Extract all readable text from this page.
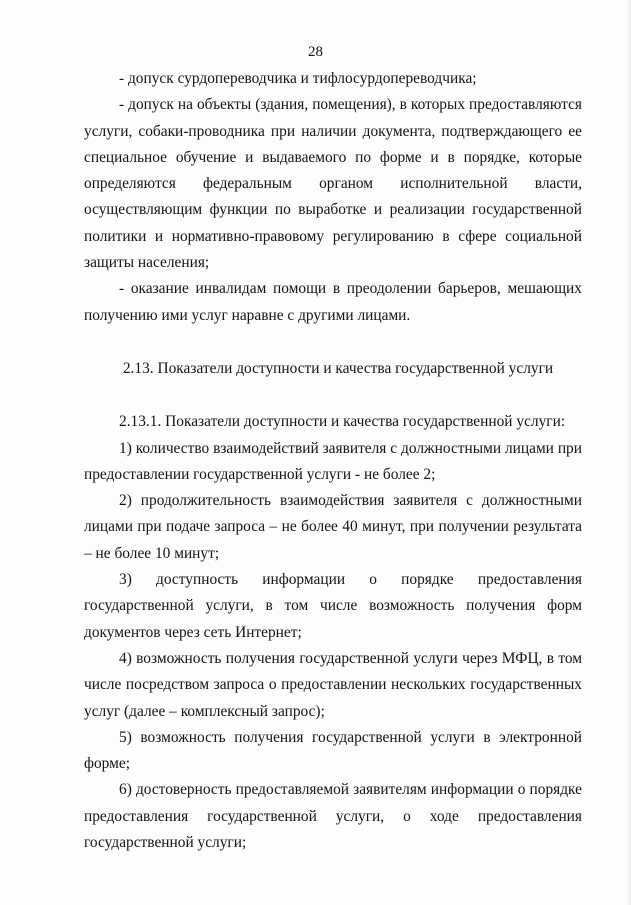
28

- допуск сурдопереводчика и тифлосурдопереводчика;

- допуск на объекты (здания, помещения), в которых предоставляются услуги, собаки-проводника при наличии документа, подтверждающего ее специальное обучение и выдаваемого по форме и в порядке, которые определяются федеральным органом исполнительной власти, осуществляющим функции по выработке и реализации государственной политики и нормативно-правовому регулированию в сфере социальной защиты населения;

- оказание инвалидам помощи в преодолении барьеров, мешающих получению ими услуг наравне с другими лицами.

2.13. Показатели доступности и качества государственной услуги

2.13.1. Показатели доступности и качества государственной услуги:

1) количество взаимодействий заявителя с должностными лицами при предоставлении государственной услуги - не более 2;

2) продолжительность взаимодействия заявителя с должностными лицами при подаче запроса – не более 40 минут, при получении результата – не более 10 минут;

3) доступность информации о порядке предоставления государственной услуги, в том числе возможность получения форм документов через сеть Интернет;

4) возможность получения государственной услуги через МФЦ, в том числе посредством запроса о предоставлении нескольких государственных услуг (далее – комплексный запрос);

5) возможность получения государственной услуги в электронной форме;

6) достоверность предоставляемой заявителям информации о порядке предоставления государственной услуги, о ходе предоставления государственной услуги;
